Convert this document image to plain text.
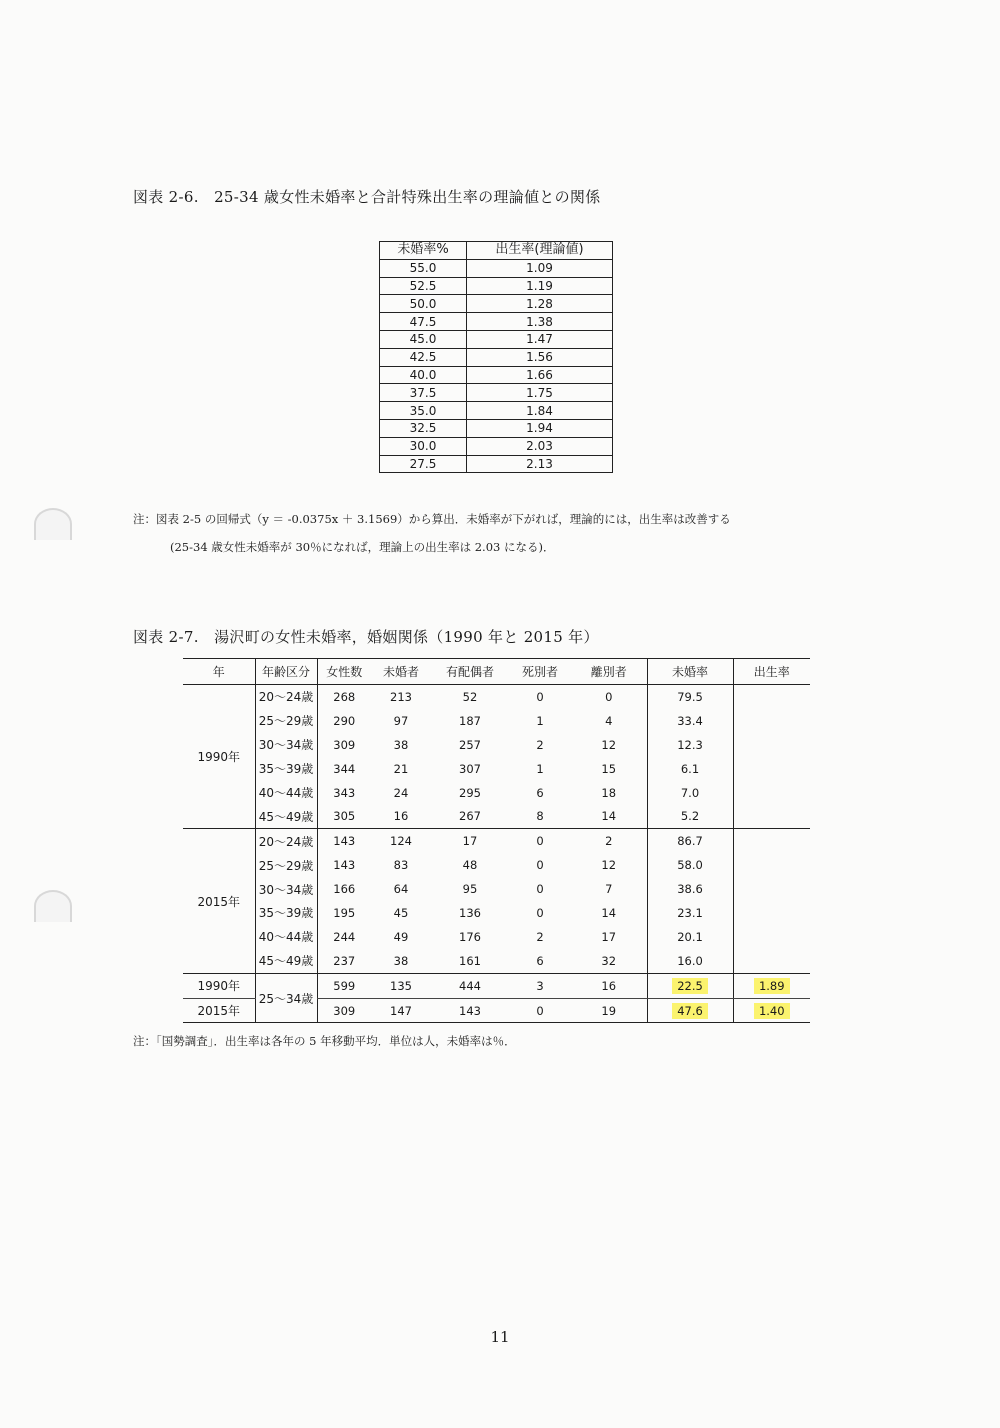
図表 2-6.　25-34 歳女性未婚率と合計特殊出生率の理論値との関係
未婚率%	出生率(理論値)
55.0	1.09
52.5	1.19
50.0	1.28
47.5	1.38
45.0	1.47
42.5	1.56
40.0	1.66
37.5	1.75
35.0	1.84
32.5	1.94
30.0	2.03
27.5	2.13
注：図表 2-5 の回帰式（y ＝ -0.0375x ＋ 3.1569）から算出．未婚率が下がれば，理論的には，出生率は改善する
(25-34 歳女性未婚率が 30％になれば，理論上の出生率は 2.03 になる)．
図表 2-7.　湯沢町の女性未婚率，婚姻関係（1990 年と 2015 年）
年	年齢区分	女性数	未婚者	有配偶者	死別者	離別者	未婚率	出生率
1990年	20〜24歳	268	213	52	0	0	79.5	
	25〜29歳	290	97	187	1	4	33.4	
	30〜34歳	309	38	257	2	12	12.3	
	35〜39歳	344	21	307	1	15	6.1	
	40〜44歳	343	24	295	6	18	7.0	
	45〜49歳	305	16	267	8	14	5.2	
2015年	20〜24歳	143	124	17	0	2	86.7	
	25〜29歳	143	83	48	0	12	58.0	
	30〜34歳	166	64	95	0	7	38.6	
	35〜39歳	195	45	136	0	14	23.1	
	40〜44歳	244	49	176	2	17	20.1	
	45〜49歳	237	38	161	6	32	16.0	
1990年	25〜34歳	599	135	444	3	16	22.5	1.89
2015年		309	147	143	0	19	47.6	1.40
注：「国勢調査」．出生率は各年の 5 年移動平均．単位は人，未婚率は％．
11
